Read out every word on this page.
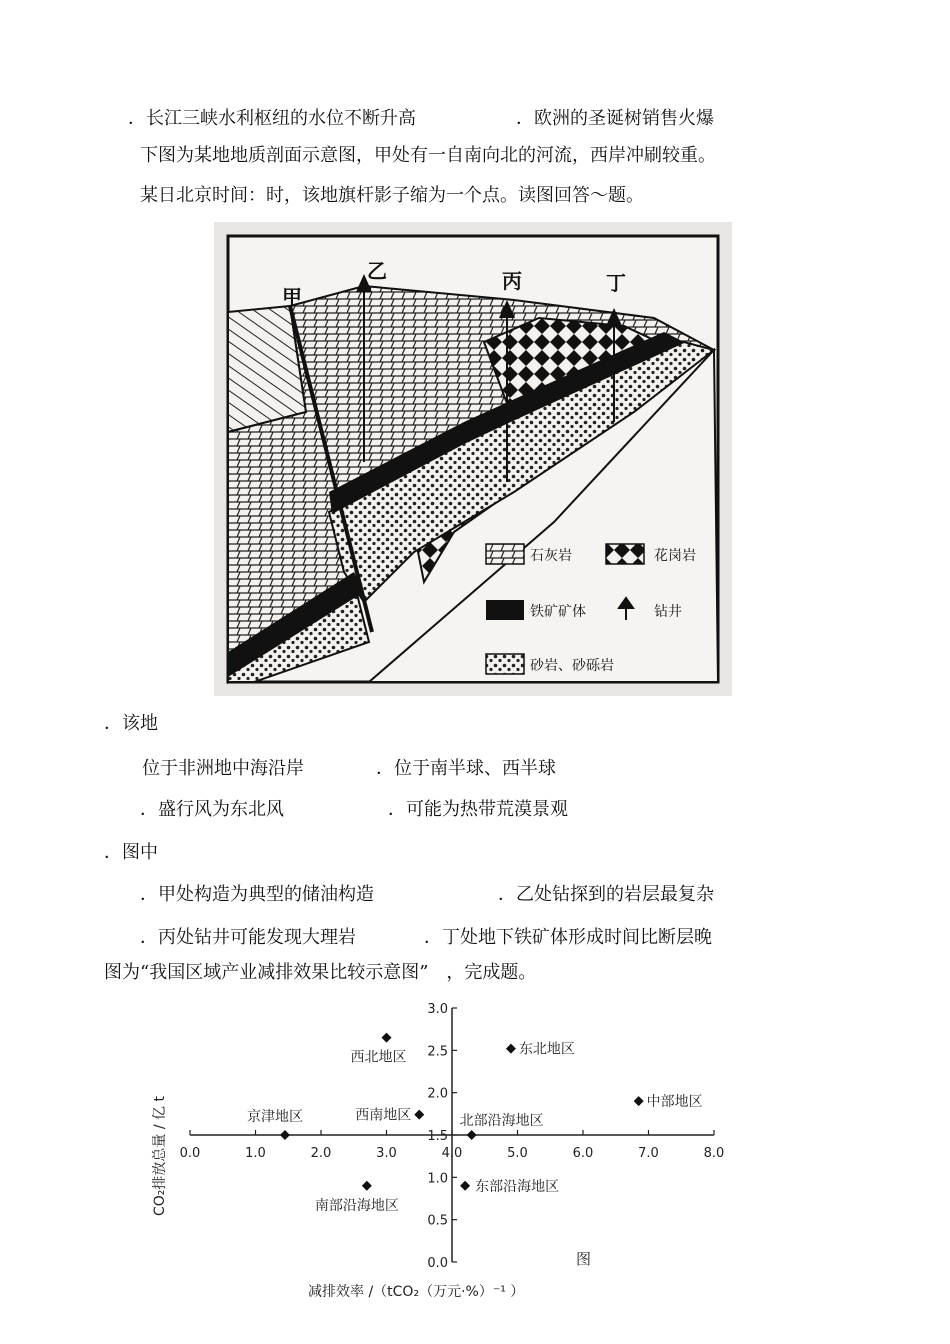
．长江三峡水利枢纽的水位不断升高	．欧洲的圣诞树销售火爆
下图为某地地质剖面示意图，甲处有一自南向北的河流，西岸冲刷较重。
某日北京时间：时，该地旗杆影子缩为一个点。读图回答～题。
甲
乙	丙	丁
石灰岩	花岗岩
铁矿矿体	钻井
砂岩、砂砾岩
．该地
位于非洲地中海沿岸	．位于南半球、西半球
．盛行风为东北风	．可能为热带荒漠景观
．图中
．甲处构造为典型的储油构造	．乙处钻探到的岩层最复杂
．丙处钻井可能发现大理岩	．丁处地下铁矿体形成时间比断层晚
图为“我国区域产业减排效果比较示意图”　，完成题。
0.0	1.0	2.0	3.0	4.0	5.0	6.0	7.0	8.0
0.0
0.5
1.0
1.5
2.0
2.5
3.0
西北地区	东北地区
中部地区
西南地区
京津地区	北部沿海地区
南部沿海地区
东部沿海地区
减排效率 /（tCO₂（万元·%）⁻¹ ）
CO₂排放总量 / 亿 t
图
